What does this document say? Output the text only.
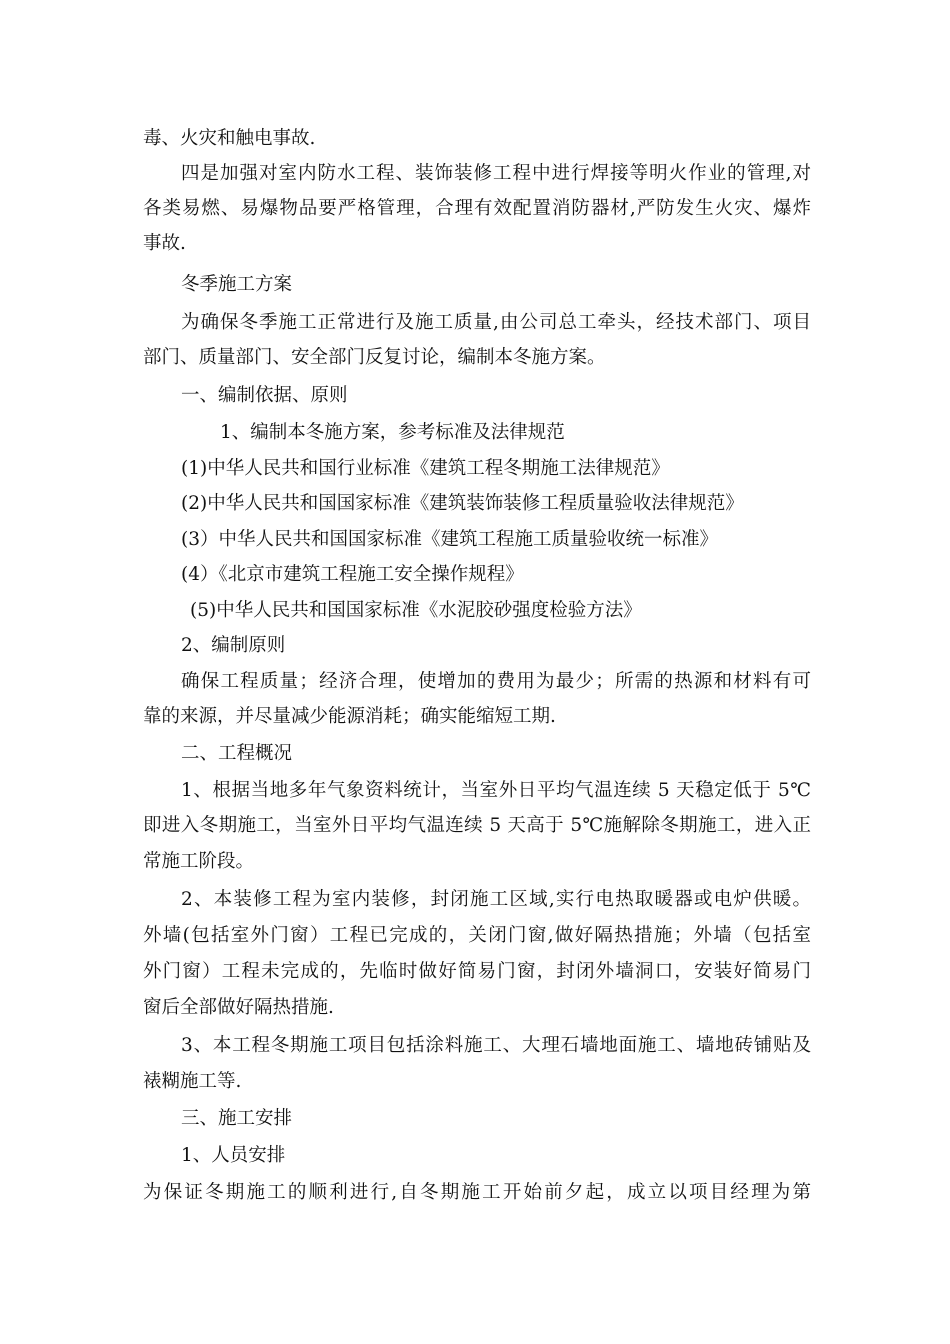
毒、火灾和触电事故.
四是加强对室内防水工程、装饰装修工程中进行焊接等明火作业的管理,对
各类易燃、易爆物品要严格管理，合理有效配置消防器材,严防发生火灾、爆炸
事故.
冬季施工方案
为确保冬季施工正常进行及施工质量,由公司总工牵头，经技术部门、项目
部门、质量部门、安全部门反复讨论，编制本冬施方案。
一、编制依据、原则
1、编制本冬施方案，参考标准及法律规范
(1)中华人民共和国行业标准《建筑工程冬期施工法律规范》
(2)中华人民共和国国家标准《建筑装饰装修工程质量验收法律规范》
(3）中华人民共和国国家标准《建筑工程施工质量验收统一标准》
(4）《北京市建筑工程施工安全操作规程》
(5)中华人民共和国国家标准《水泥胶砂强度检验方法》
2、编制原则
确保工程质量；经济合理，使增加的费用为最少；所需的热源和材料有可
靠的来源，并尽量减少能源消耗；确实能缩短工期.
二、工程概况
1、根据当地多年气象资料统计，当室外日平均气温连续 5 天稳定低于 5℃
即进入冬期施工，当室外日平均气温连续 5 天高于 5℃施解除冬期施工，进入正
常施工阶段。
2、本装修工程为室内装修，封闭施工区域,实行电热取暖器或电炉供暖。
外墙(包括室外门窗）工程已完成的，关闭门窗,做好隔热措施；外墙（包括室
外门窗）工程未完成的，先临时做好简易门窗，封闭外墙洞口，安装好简易门
窗后全部做好隔热措施.
3、本工程冬期施工项目包括涂料施工、大理石墙地面施工、墙地砖铺贴及
裱糊施工等.
三、施工安排
1、人员安排
为保证冬期施工的顺利进行,自冬期施工开始前夕起，成立以项目经理为第
